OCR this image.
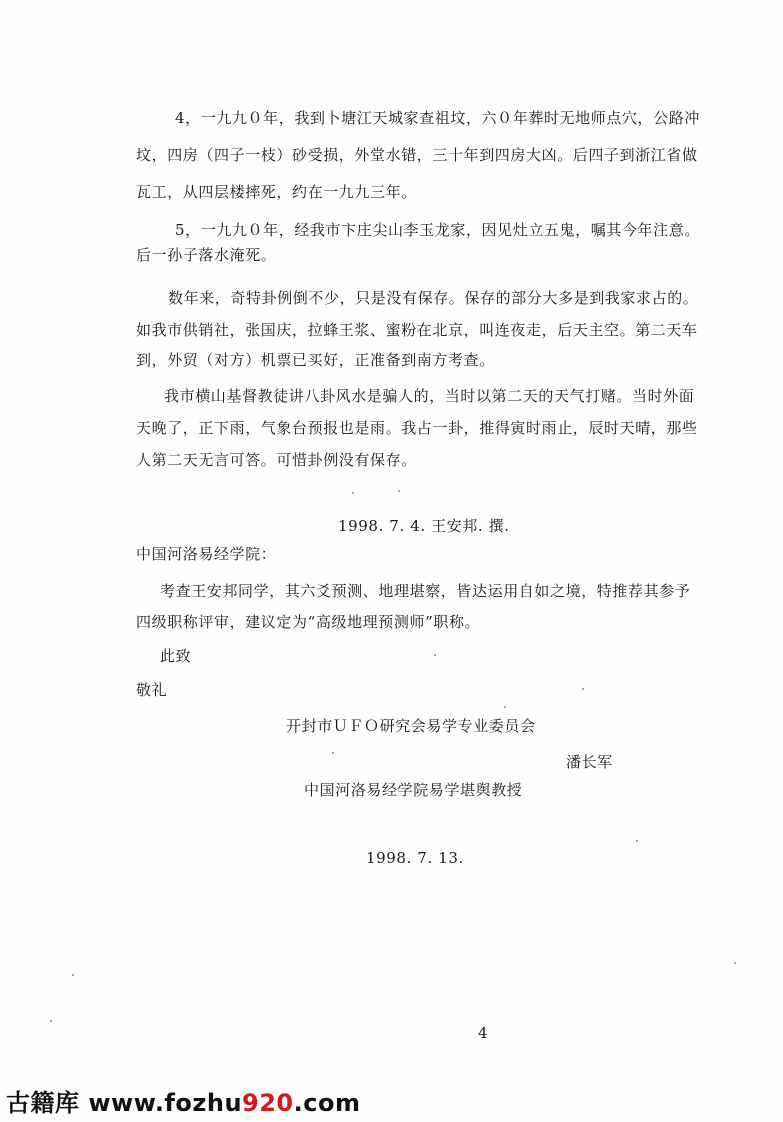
4，一九九０年，我到卜塘江天城家查祖坟，六０年葬时无地师点穴，公路冲
坟，四房（四子一枝）砂受损，外堂水错，三十年到四房大凶。后四子到浙江省做
瓦工，从四层楼摔死，约在一九九三年。
5，一九九０年，经我市卞庄尖山李玉龙家，因见灶立五鬼，嘱其今年注意。
后一孙子落水淹死。
数年来，奇特卦例倒不少，只是没有保存。保存的部分大多是到我家求占的。
如我市供销社，张国庆，拉蜂王浆、蜜粉在北京，叫连夜走，后天主空。第二天车
到，外贸（对方）机票已买好，正准备到南方考查。
我市横山基督教徒讲八卦风水是骗人的，当时以第二天的天气打赌。当时外面
天晚了，正下雨，气象台预报也是雨。我占一卦，推得寅时雨止，辰时天晴，那些
人第二天无言可答。可惜卦例没有保存。
1998. 7. 4. 王安邦. 撰.
中国河洛易经学院：
考查王安邦同学，其六爻预测、地理堪察，皆达运用自如之境，特推荐其参予
四级职称评审，建议定为“高级地理预测师”职称。
此致
敬礼
开封市ＵＦＯ研究会易学专业委员会
潘长军
中国河洛易经学院易学堪舆教授
1998. 7. 13.
4
古籍库 www.fozhu920.com
